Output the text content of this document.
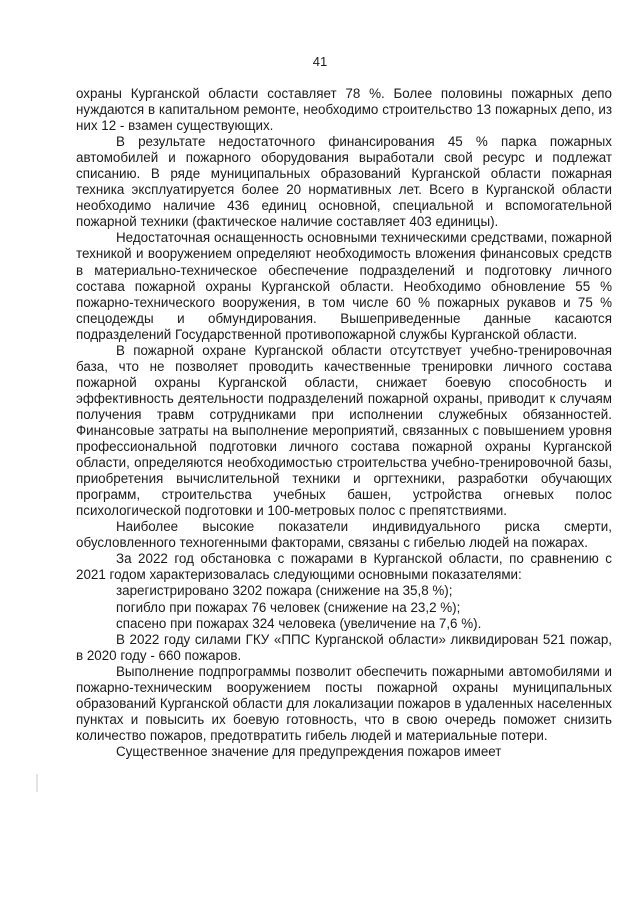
41

охраны Курганской области составляет 78 %. Более половины пожарных депо нуждаются в капитальном ремонте, необходимо строительство 13 пожарных депо, из них 12 - взамен существующих.

В результате недостаточного финансирования 45 % парка пожарных автомобилей и пожарного оборудования выработали свой ресурс и подлежат списанию. В ряде муниципальных образований Курганской области пожарная техника эксплуатируется более 20 нормативных лет. Всего в Курганской области необходимо наличие 436 единиц основной, специальной и вспомогательной пожарной техники (фактическое наличие составляет 403 единицы).

Недостаточная оснащенность основными техническими средствами, пожарной техникой и вооружением определяют необходимость вложения финансовых средств в материально-техническое обеспечение подразделений и подготовку личного состава пожарной охраны Курганской области. Необходимо обновление 55 % пожарно-технического вооружения, в том числе 60 % пожарных рукавов и 75 % спецодежды и обмундирования. Вышеприведенные данные касаются подразделений Государственной противопожарной службы Курганской области.

В пожарной охране Курганской области отсутствует учебно-тренировочная база, что не позволяет проводить качественные тренировки личного состава пожарной охраны Курганской области, снижает боевую способность и эффективность деятельности подразделений пожарной охраны, приводит к случаям получения травм сотрудниками при исполнении служебных обязанностей. Финансовые затраты на выполнение мероприятий, связанных с повышением уровня профессиональной подготовки личного состава пожарной охраны Курганской области, определяются необходимостью строительства учебно-тренировочной базы, приобретения вычислительной техники и оргтехники, разработки обучающих программ, строительства учебных башен, устройства огневых полос психологической подготовки и 100-метровых полос с препятствиями.

Наиболее высокие показатели индивидуального риска смерти, обусловленного техногенными факторами, связаны с гибелью людей на пожарах.

За 2022 год обстановка с пожарами в Курганской области, по сравнению с 2021 годом характеризовалась следующими основными показателями:

зарегистрировано 3202 пожара (снижение на 35,8 %);

погибло при пожарах 76 человек (снижение на 23,2 %);

спасено при пожарах 324 человека (увеличение на 7,6 %).

В 2022 году силами ГКУ «ППС Курганской области» ликвидирован 521 пожар, в 2020 году - 660 пожаров.

Выполнение подпрограммы позволит обеспечить пожарными автомобилями и пожарно-техническим вооружением посты пожарной охраны муниципальных образований Курганской области для локализации пожаров в удаленных населенных пунктах и повысить их боевую готовность, что в свою очередь поможет снизить количество пожаров, предотвратить гибель людей и материальные потери.

Существенное значение для предупреждения пожаров имеет
